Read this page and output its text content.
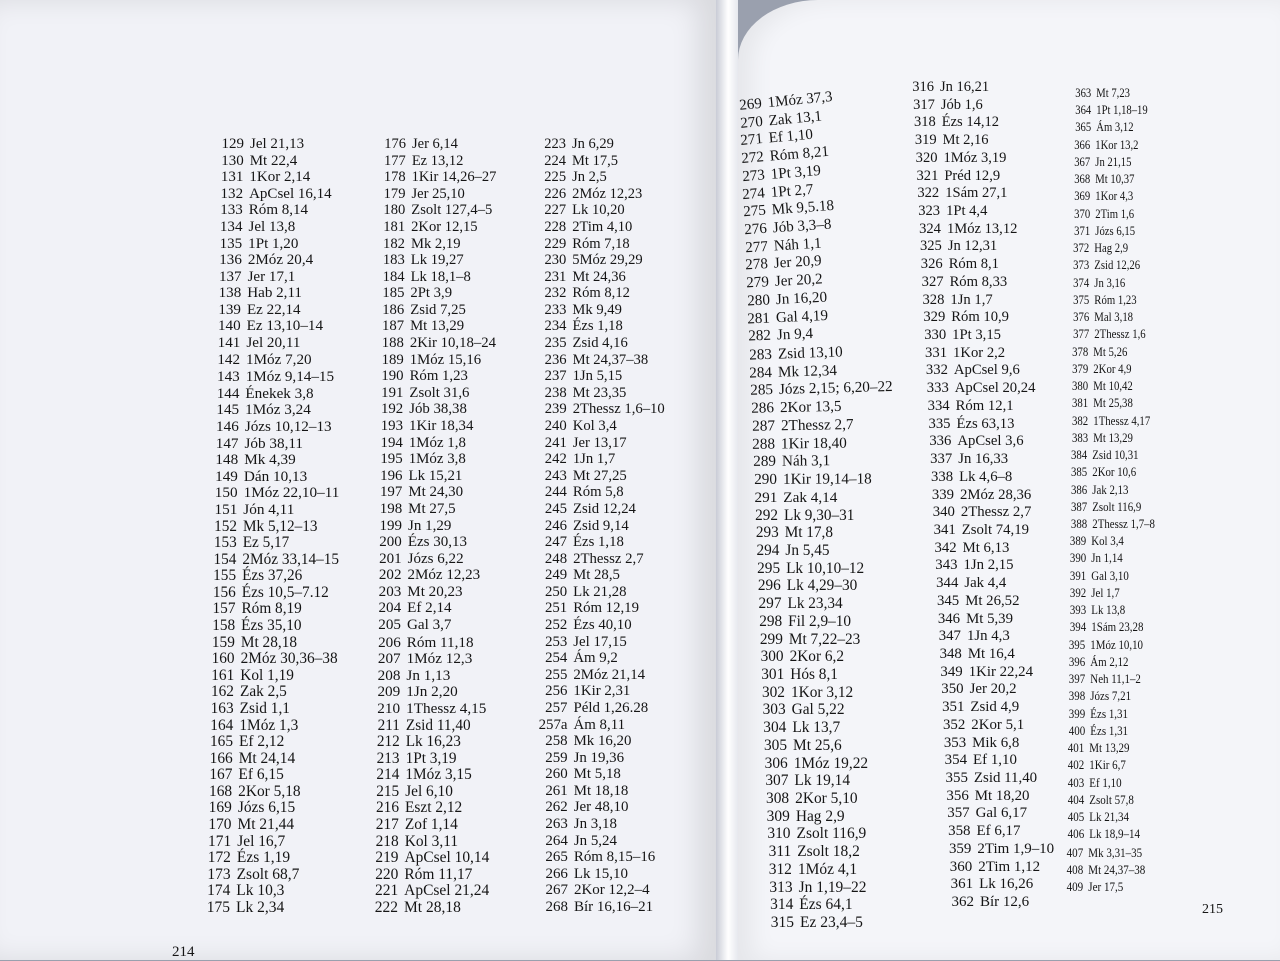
129 Jel 21,13
130 Mt 22,4
131 1Kor 2,14
132 ApCsel 16,14
133 Róm 8,14
134 Jel 13,8
135 1Pt 1,20
136 2Móz 20,4
137 Jer 17,1
138 Hab 2,11
139 Ez 22,14
140 Ez 13,10–14
141 Jel 20,11
142 1Móz 7,20
143 1Móz 9,14–15
144 Énekek 3,8
145 1Móz 3,24
146 Józs 10,12–13
147 Jób 38,11
148 Mk 4,39
149 Dán 10,13
150 1Móz 22,10–11
151 Jón 4,11
152 Mk 5,12–13
153 Ez 5,17
154 2Móz 33,14–15
155 Ézs 37,26
156 Ézs 10,5–7.12
157 Róm 8,19
158 Ézs 35,10
159 Mt 28,18
160 2Móz 30,36–38
161 Kol 1,19
162 Zak 2,5
163 Zsid 1,1
164 1Móz 1,3
165 Ef 2,12
166 Mt 24,14
167 Ef 6,15
168 2Kor 5,18
169 Józs 6,15
170 Mt 21,44
171 Jel 16,7
172 Ézs 1,19
173 Zsolt 68,7
174 Lk 10,3
175 Lk 2,34
176 Jer 6,14
177 Ez 13,12
178 1Kir 14,26–27
179 Jer 25,10
180 Zsolt 127,4–5
181 2Kor 12,15
182 Mk 2,19
183 Lk 19,27
184 Lk 18,1–8
185 2Pt 3,9
186 Zsid 7,25
187 Mt 13,29
188 2Kir 10,18–24
189 1Móz 15,16
190 Róm 1,23
191 Zsolt 31,6
192 Jób 38,38
193 1Kir 18,34
194 1Móz 1,8
195 1Móz 3,8
196 Lk 15,21
197 Mt 24,30
198 Mt 27,5
199 Jn 1,29
200 Ézs 30,13
201 Józs 6,22
202 2Móz 12,23
203 Mt 20,23
204 Ef 2,14
205 Gal 3,7
206 Róm 11,18
207 1Móz 12,3
208 Jn 1,13
209 1Jn 2,20
210 1Thessz 4,15
211 Zsid 11,40
212 Lk 16,23
213 1Pt 3,19
214 1Móz 3,15
215 Jel 6,10
216 Eszt 2,12
217 Zof 1,14
218 Kol 3,11
219 ApCsel 10,14
220 Róm 11,17
221 ApCsel 21,24
222 Mt 28,18
223 Jn 6,29
224 Mt 17,5
225 Jn 2,5
226 2Móz 12,23
227 Lk 10,20
228 2Tim 4,10
229 Róm 7,18
230 5Móz 29,29
231 Mt 24,36
232 Róm 8,12
233 Mk 9,49
234 Ézs 1,18
235 Zsid 4,16
236 Mt 24,37–38
237 1Jn 5,15
238 Mt 23,35
239 2Thessz 1,6–10
240 Kol 3,4
241 Jer 13,17
242 1Jn 1,7
243 Mt 27,25
244 Róm 5,8
245 Zsid 12,24
246 Zsid 9,14
247 Ézs 1,18
248 2Thessz 2,7
249 Mt 28,5
250 Lk 21,28
251 Róm 12,19
252 Ézs 40,10
253 Jel 17,15
254 Ám 9,2
255 2Móz 21,14
256 1Kir 2,31
257 Péld 1,26.28
257a Ám 8,11
258 Mk 16,20
259 Jn 19,36
260 Mt 5,18
261 Mt 18,18
262 Jer 48,10
263 Jn 3,18
264 Jn 5,24
265 Róm 8,15–16
266 Lk 15,10
267 2Kor 12,2–4
268 Bír 16,16–21
214
269 1Móz 37,3
270 Zak 13,1
271 Ef 1,10
272 Róm 8,21
273 1Pt 3,19
274 1Pt 2,7
275 Mk 9,5.18
276 Jób 3,3–8
277 Náh 1,1
278 Jer 20,9
279 Jer 20,2
280 Jn 16,20
281 Gal 4,19
282 Jn 9,4
283 Zsid 13,10
284 Mk 12,34
285 Józs 2,15; 6,20–22
286 2Kor 13,5
287 2Thessz 2,7
288 1Kir 18,40
289 Náh 3,1
290 1Kir 19,14–18
291 Zak 4,14
292 Lk 9,30–31
293 Mt 17,8
294 Jn 5,45
295 Lk 10,10–12
296 Lk 4,29–30
297 Lk 23,34
298 Fil 2,9–10
299 Mt 7,22–23
300 2Kor 6,2
301 Hós 8,1
302 1Kor 3,12
303 Gal 5,22
304 Lk 13,7
305 Mt 25,6
306 1Móz 19,22
307 Lk 19,14
308 2Kor 5,10
309 Hag 2,9
310 Zsolt 116,9
311 Zsolt 18,2
312 1Móz 4,1
313 Jn 1,19–22
314 Ézs 64,1
315 Ez 23,4–5
316 Jn 16,21
317 Jób 1,6
318 Ézs 14,12
319 Mt 2,16
320 1Móz 3,19
321 Préd 12,9
322 1Sám 27,1
323 1Pt 4,4
324 1Móz 13,12
325 Jn 12,31
326 Róm 8,1
327 Róm 8,33
328 1Jn 1,7
329 Róm 10,9
330 1Pt 3,15
331 1Kor 2,2
332 ApCsel 9,6
333 ApCsel 20,24
334 Róm 12,1
335 Ézs 63,13
336 ApCsel 3,6
337 Jn 16,33
338 Lk 4,6–8
339 2Móz 28,36
340 2Thessz 2,7
341 Zsolt 74,19
342 Mt 6,13
343 1Jn 2,15
344 Jak 4,4
345 Mt 26,52
346 Mt 5,39
347 1Jn 4,3
348 Mt 16,4
349 1Kir 22,24
350 Jer 20,2
351 Zsid 4,9
352 2Kor 5,1
353 Mik 6,8
354 Ef 1,10
355 Zsid 11,40
356 Mt 18,20
357 Gal 6,17
358 Ef 6,17
359 2Tim 1,9–10
360 2Tim 1,12
361 Lk 16,26
362 Bír 12,6
363 Mt 7,23
364 1Pt 1,18–19
365 Ám 3,12
366 1Kor 13,2
367 Jn 21,15
368 Mt 10,37
369 1Kor 4,3
370 2Tim 1,6
371 Józs 6,15
372 Hag 2,9
373 Zsid 12,26
374 Jn 3,16
375 Róm 1,23
376 Mal 3,18
377 2Thessz 1,6
378 Mt 5,26
379 2Kor 4,9
380 Mt 10,42
381 Mt 25,38
382 1Thessz 4,17
383 Mt 13,29
384 Zsid 10,31
385 2Kor 10,6
386 Jak 2,13
387 Zsolt 116,9
388 2Thessz 1,7–8
389 Kol 3,4
390 Jn 1,14
391 Gal 3,10
392 Jel 1,7
393 Lk 13,8
394 1Sám 23,28
395 1Móz 10,10
396 Ám 2,12
397 Neh 11,1–2
398 Józs 7,21
399 Ézs 1,31
400 Ézs 1,31
401 Mt 13,29
402 1Kir 6,7
403 Ef 1,10
404 Zsolt 57,8
405 Lk 21,34
406 Lk 18,9–14
407 Mk 3,31–35
408 Mt 24,37–38
409 Jer 17,5
215
